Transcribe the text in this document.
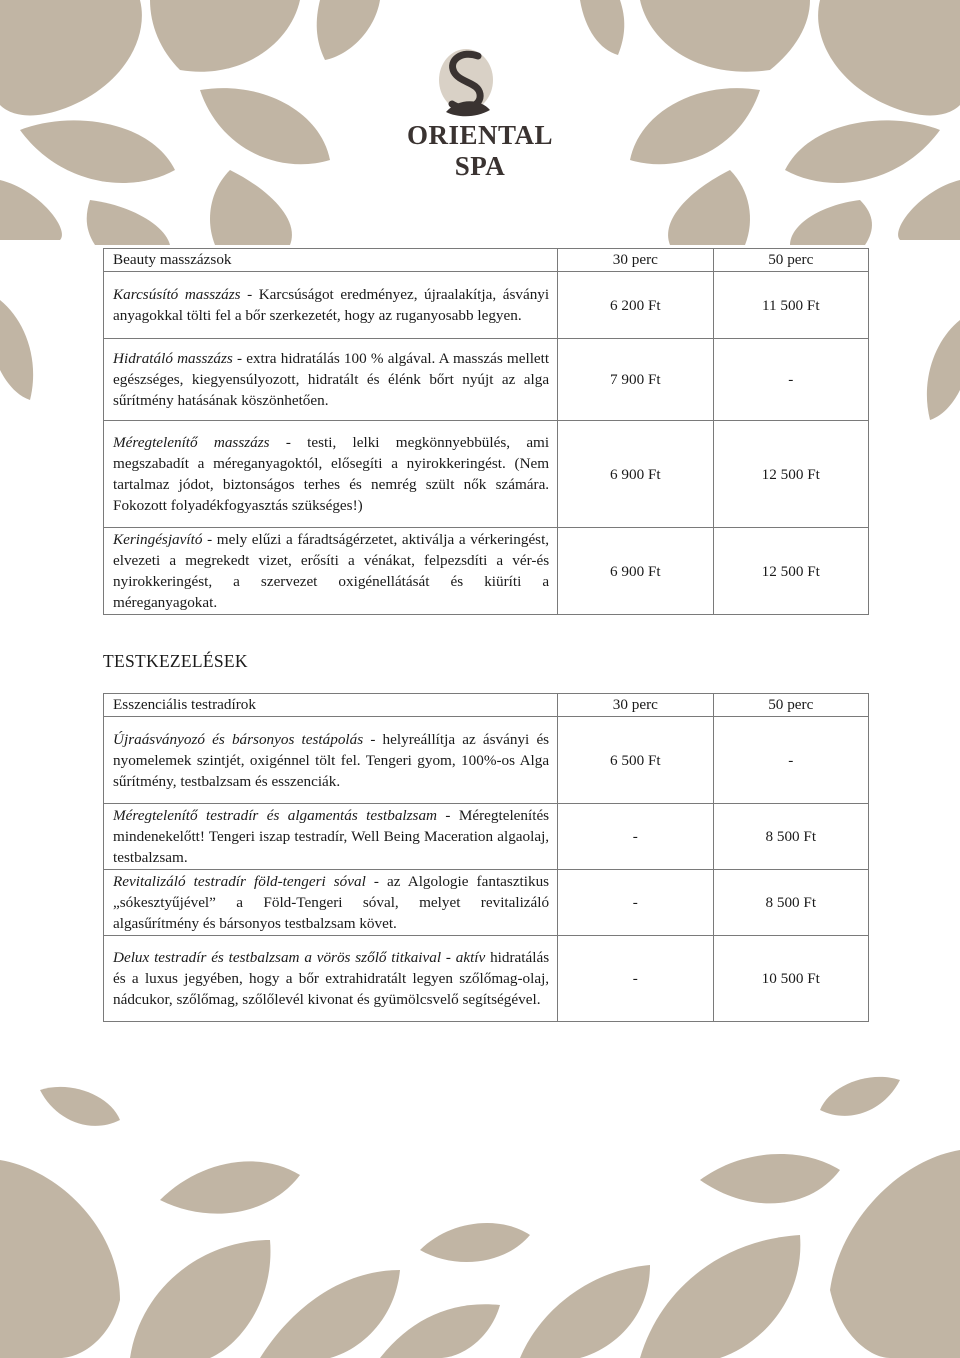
ORIENTAL SPA
Beauty masszázsok	30 perc	50 perc
Karcsúsító masszázs - Karcsúságot eredményez, újraalakítja, ásványi anyagokkal tölti fel a bőr szerkezetét, hogy az ruganyosabb legyen.	6 200 Ft	11 500 Ft
Hidratáló masszázs - extra hidratálás 100 % algával. A masszás mellett egészséges, kiegyensúlyozott, hidratált és élénk bőrt nyújt az alga sűrítmény hatásának köszönhetően.	7 900 Ft	-
Méregtelenítő masszázs - testi, lelki megkönnyebbülés, ami megszabadít a méreganyagoktól, elősegíti a nyirokkeringést. (Nem tartalmaz jódot, biztonságos terhes és nemrég szült nők számára. Fokozott folyadékfogyasztás szükséges!)	6 900 Ft	12 500 Ft
Keringésjavító - mely elűzi a fáradtságérzetet, aktiválja a vérkeringést, elvezeti a megrekedt vizet, erősíti a vénákat, felpezsdíti a vér-és nyirokkeringést, a szervezet oxigénellátását és kiüríti a méreganyagokat.	6 900 Ft	12 500 Ft
TESTKEZELÉSEK
Esszenciális testradírok	30 perc	50 perc
Újraásványozó és bársonyos testápolás - helyreállítja az ásványi és nyomelemek szintjét, oxigénnel tölt fel. Tengeri gyom, 100%-os Alga sűrítmény, testbalzsam és esszenciák.	6 500 Ft	-
Méregtelenítő testradír és algamentás testbalzsam - Méregtelenítés mindenekelőtt! Tengeri iszap testradír, Well Being Maceration algaolaj, testbalzsam.	-	8 500 Ft
Revitalizáló testradír föld-tengeri sóval - az Algologie fantasztikus „sókesztyűjével” a Föld-Tengeri sóval, melyet revitalizáló algasűrítmény és bársonyos testbalzsam követ.	-	8 500 Ft
Delux testradír és testbalzsam a vörös szőlő titkaival - aktív hidratálás és a luxus jegyében, hogy a bőr extrahidratált legyen szőlőmag-olaj, nádcukor, szőlőmag, szőlőlevél kivonat és gyümölcsvelő segítségével.	-	10 500 Ft
